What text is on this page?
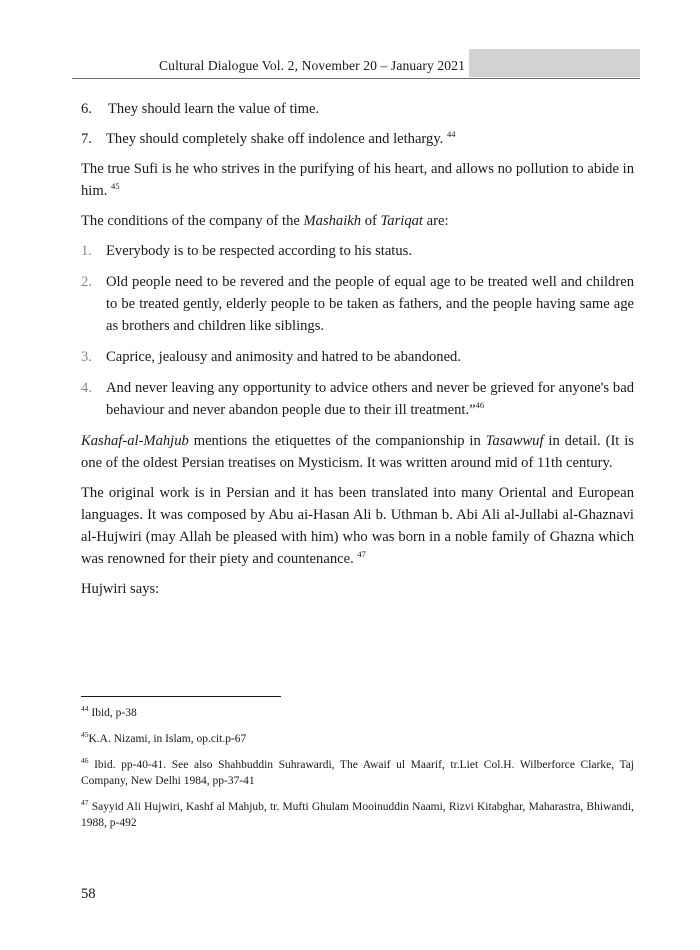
Cultural Dialogue Vol. 2, November 20 – January 2021
6.	They should learn the value of time.
7. They should completely shake off indolence and lethargy. $^{44}$

The true Sufi is he who strives in the purifying of his heart, and allows no pollution to abide in him. $^{45}$

The conditions of the company of the Mashaikh of Tariqat are:

1. Everybody is to be respected according to his status.
2. Old people need to be revered and the people of equal age to be treated well and children to be treated gently, elderly people to be taken as fathers, and the people having same age as brothers and children like siblings.
3. Caprice, jealousy and animosity and hatred to be abandoned.
4. And never leaving any opportunity to advice others and never be grieved for anyone's bad behaviour and never abandon people due to their ill treatment.”$^{46}$

Kashaf-al-Mahjub mentions the etiquettes of the companionship in Tasawwuf in detail. (It is one of the oldest Persian treatises on Mysticism. It was written around mid of 11th century.

The original work is in Persian and it has been translated into many Oriental and European languages. It was composed by Abu ai-Hasan Ali b. Uthman b. Abi Ali al-Jullabi al-Ghaznavi al-Hujwiri (may Allah be pleased with him) who was born in a noble family of Ghazna which was renowned for their piety and countenance. $^{47}$

Hujwiri says:

$^{44}$ Ibid, p-38
$^{45}$K.A. Nizami, in Islam, op.cit.p-67
$^{46}$ Ibid. pp-40-41. See also Shahbuddin Suhrawardi, The Awaif ul Maarif, tr.Liet Col.H. Wilberforce Clarke, Taj Company, New Delhi 1984, pp-37-41
$^{47}$ Sayyid Ali Hujwiri, Kashf al Mahjub, tr. Mufti Ghulam Mooinuddin Naami, Rizvi Kitabghar, Maharastra, Bhiwandi, 1988, p-492
58
